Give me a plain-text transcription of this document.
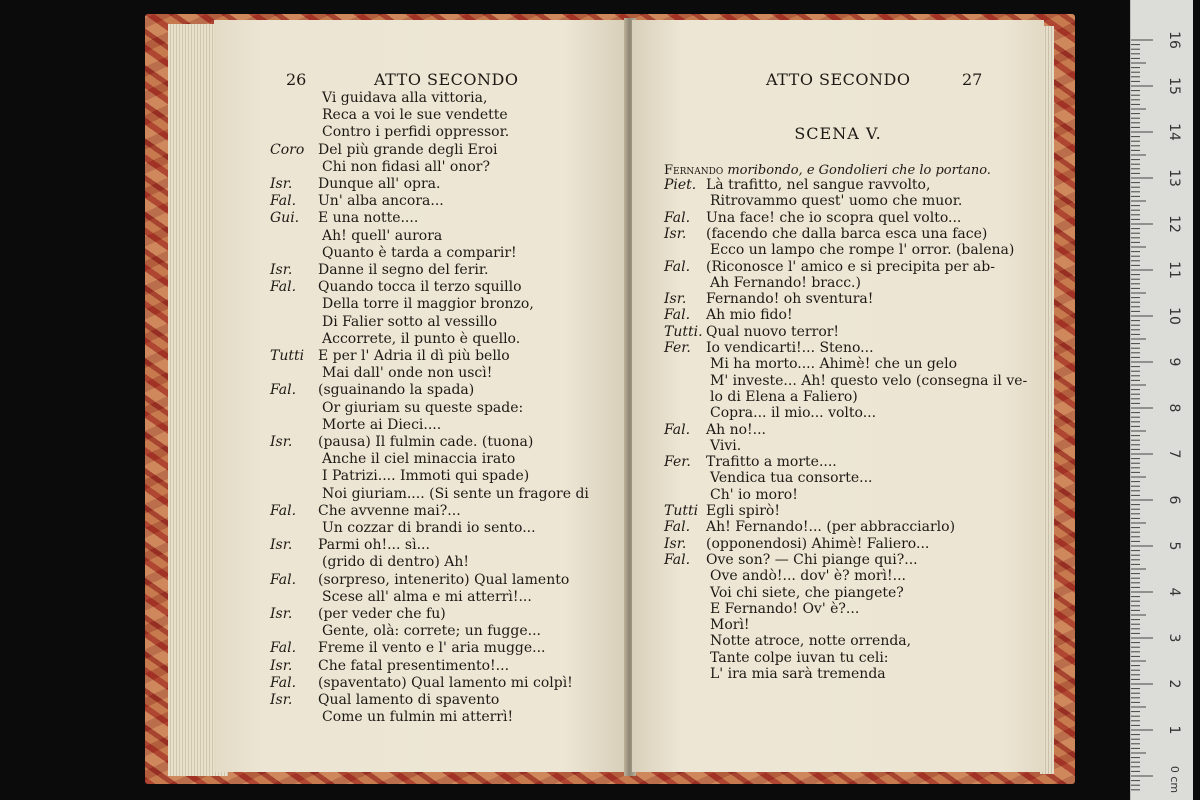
26	ATTO SECONDO
Vi guidava alla vittoria,
Reca a voi le sue vendette
Contro i perfidi oppressor.
Coro Del più grande degli Eroi
Chi non fidasi all' onor?
Isr. Dunque all' opra.
Fal. Un' alba ancora...
Gui. E una notte....
Ah! quell' aurora
Quanto è tarda a comparir!
Isr. Danne il segno del ferir.
Fal. Quando tocca il terzo squillo
Della torre il maggior bronzo,
Di Falier sotto al vessillo
Accorrete, il punto è quello.
Tutti E per l' Adria il dì più bello
Mai dall' onde non uscì!
Fal. (sguainando la spada)
Or giuriam su queste spade:
Morte ai Dieci....
Isr. (pausa) Il fulmin cade. (tuona)
Anche il ciel minaccia irato
I Patrizi.... Immoti qui spade)
Noi giuriam.... (Si sente un fragore di
Fal. Che avvenne mai?...
Un cozzar di brandi io sento...
Isr. Parmi oh!... sì...
(grido di dentro) Ah!
Fal. (sorpreso, intenerito) Qual lamento
Scese all' alma e mi atterrì!...
Isr. (per veder che fu)
Gente, olà: correte; un fugge...
Fal. Freme il vento e l' aria mugge...
Isr. Che fatal presentimento!...
Fal. (spaventato) Qual lamento mi colpì!
Isr. Qual lamento di spavento
Come un fulmin mi atterrì!
ATTO SECONDO	27
SCENA V.
Fernando moribondo, e Gondolieri che lo portano.
Piet. Là trafitto, nel sangue ravvolto,
Ritrovammo quest' uomo che muor.
Fal. Una face! che io scopra quel volto...
Isr. (facendo che dalla barca esca una face)
Ecco un lampo che rompe l' orror. (balena)
Fal. (Riconosce l' amico e si precipita per ab-
Ah Fernando! bracc.)
Isr. Fernando! oh sventura!
Fal. Ah mio fido!
Tutti. Qual nuovo terror!
Fer. Io vendicarti!... Steno...
Mi ha morto.... Ahimè! che un gelo
M' investe... Ah! questo velo (consegna il ve-
lo di Elena a Faliero)
Copra... il mio... volto...
Fal. Ah no!...
Vivi.
Fer. Trafitto a morte....
Vendica tua consorte...
Ch' io moro!
Tutti Egli spirò!
Fal. Ah! Fernando!... (per abbracciarlo)
Isr. (opponendosi) Ahimè! Faliero...
Fal. Ove son? — Chi piange qui?...
Ove andò!... dov' è? morì!...
Voi chi siete, che piangete?
E Fernando! Ov' è?...
Morì!
Notte atroce, notte orrenda,
Tante colpe iuvan tu celi:
L' ira mia sarà tremenda
16
15
14
13
12
11
10
9
8
7
6
5
4
3
2
1
0 cm
